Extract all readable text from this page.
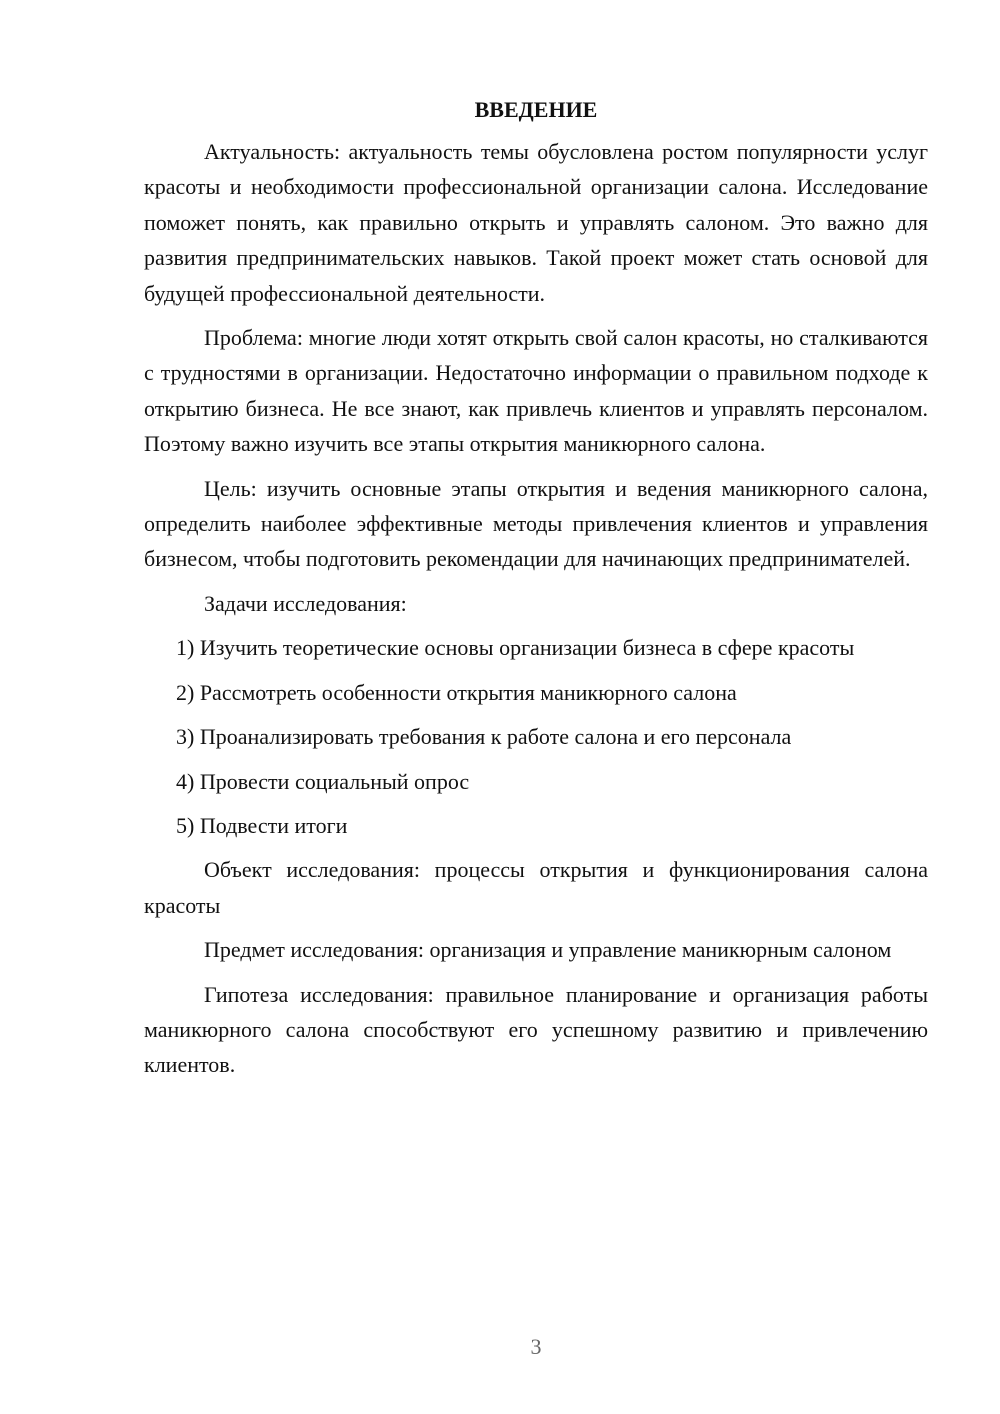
ВВЕДЕНИЕ

Актуальность: актуальность темы обусловлена ростом популярности услуг красоты и необходимости профессиональной организации салона. Исследование поможет понять, как правильно открыть и управлять салоном. Это важно для развития предпринимательских навыков. Такой проект может стать основой для будущей профессиональной деятельности.

Проблема: многие люди хотят открыть свой салон красоты, но сталкиваются с трудностями в организации. Недостаточно информации о правильном подходе к открытию бизнеса. Не все знают, как привлечь клиентов и управлять персоналом. Поэтому важно изучить все этапы открытия маникюрного салона.

Цель: изучить основные этапы открытия и ведения маникюрного салона, определить наиболее эффективные методы привлечения клиентов и управления бизнесом, чтобы подготовить рекомендации для начинающих предпринимателей.

Задачи исследования:

1) Изучить теоретические основы организации бизнеса в сфере красоты

2) Рассмотреть особенности открытия маникюрного салона

3) Проанализировать требования к работе салона и его персонала

4) Провести социальный опрос

5) Подвести итоги

Объект исследования: процессы открытия и функционирования салона красоты

Предмет исследования: организация и управление маникюрным салоном

Гипотеза исследования: правильное планирование и организация работы маникюрного салона способствуют его успешному развитию и привлечению клиентов.

3
